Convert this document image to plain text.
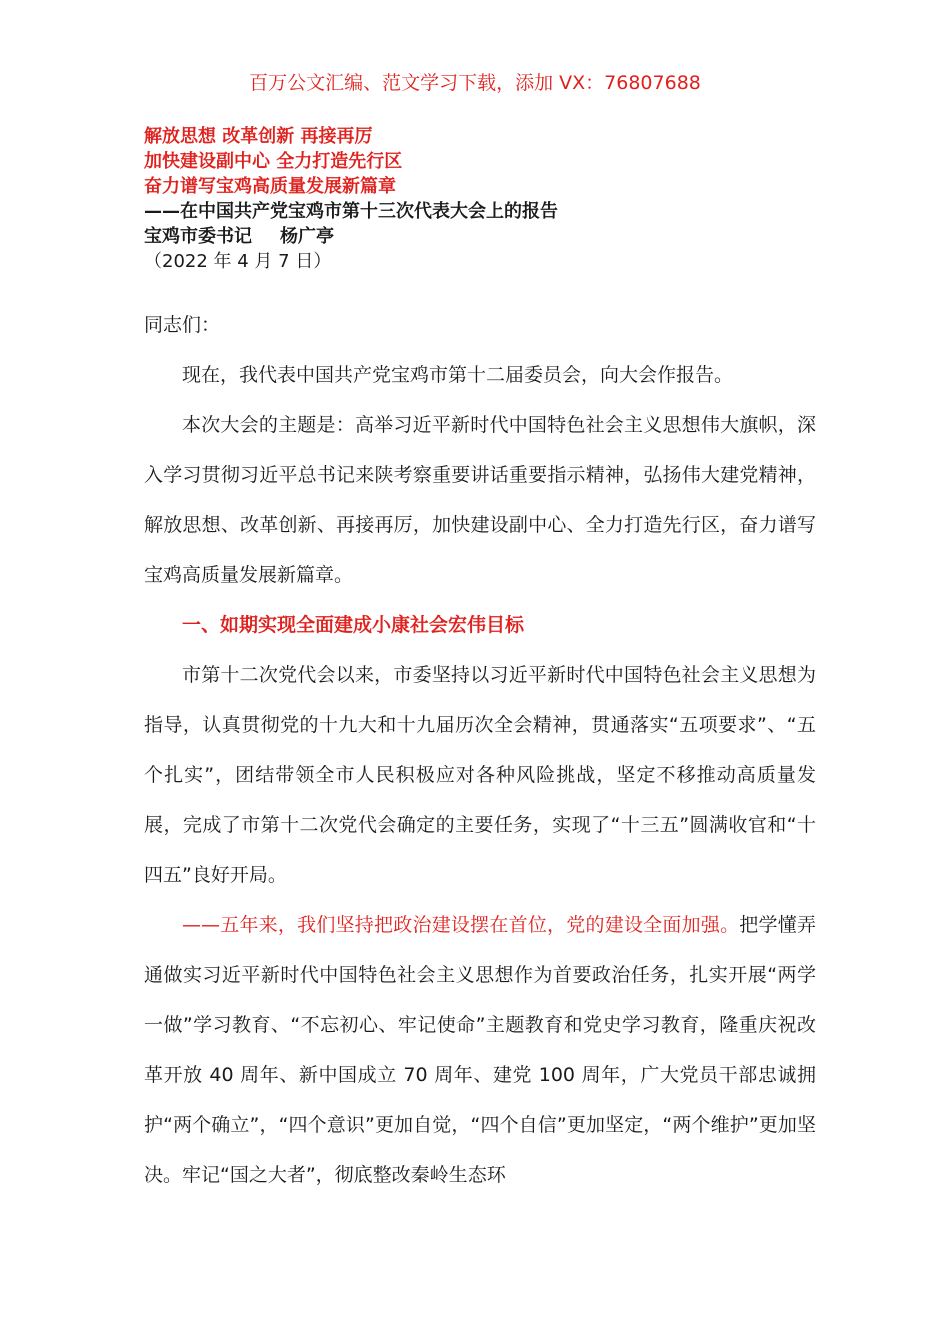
百万公文汇编、范文学习下载，添加 VX：76807688
解放思想 改革创新 再接再厉
加快建设副中心 全力打造先行区
奋力谱写宝鸡高质量发展新篇章
——在中国共产党宝鸡市第十三次代表大会上的报告
宝鸡市委书记 杨广亭
（2022 年 4 月 7 日）

同志们：

现在，我代表中国共产党宝鸡市第十二届委员会，向大会作报告。

本次大会的主题是：高举习近平新时代中国特色社会主义思想伟大旗帜，深入学习贯彻习近平总书记来陕考察重要讲话重要指示精神，弘扬伟大建党精神，解放思想、改革创新、再接再厉，加快建设副中心、全力打造先行区，奋力谱写宝鸡高质量发展新篇章。

一、如期实现全面建成小康社会宏伟目标

市第十二次党代会以来，市委坚持以习近平新时代中国特色社会主义思想为指导，认真贯彻党的十九大和十九届历次全会精神，贯通落实“五项要求”、“五个扎实”，团结带领全市人民积极应对各种风险挑战，坚定不移推动高质量发展，完成了市第十二次党代会确定的主要任务，实现了“十三五”圆满收官和“十四五”良好开局。

——五年来，我们坚持把政治建设摆在首位，党的建设全面加强。把学懂弄通做实习近平新时代中国特色社会主义思想作为首要政治任务，扎实开展“两学一做”学习教育、“不忘初心、牢记使命”主题教育和党史学习教育，隆重庆祝改革开放 40 周年、新中国成立 70 周年、建党 100 周年，广大党员干部忠诚拥护“两个确立”，“四个意识”更加自觉，“四个自信”更加坚定，“两个维护”更加坚决。牢记“国之大者”，彻底整改秦岭生态环
